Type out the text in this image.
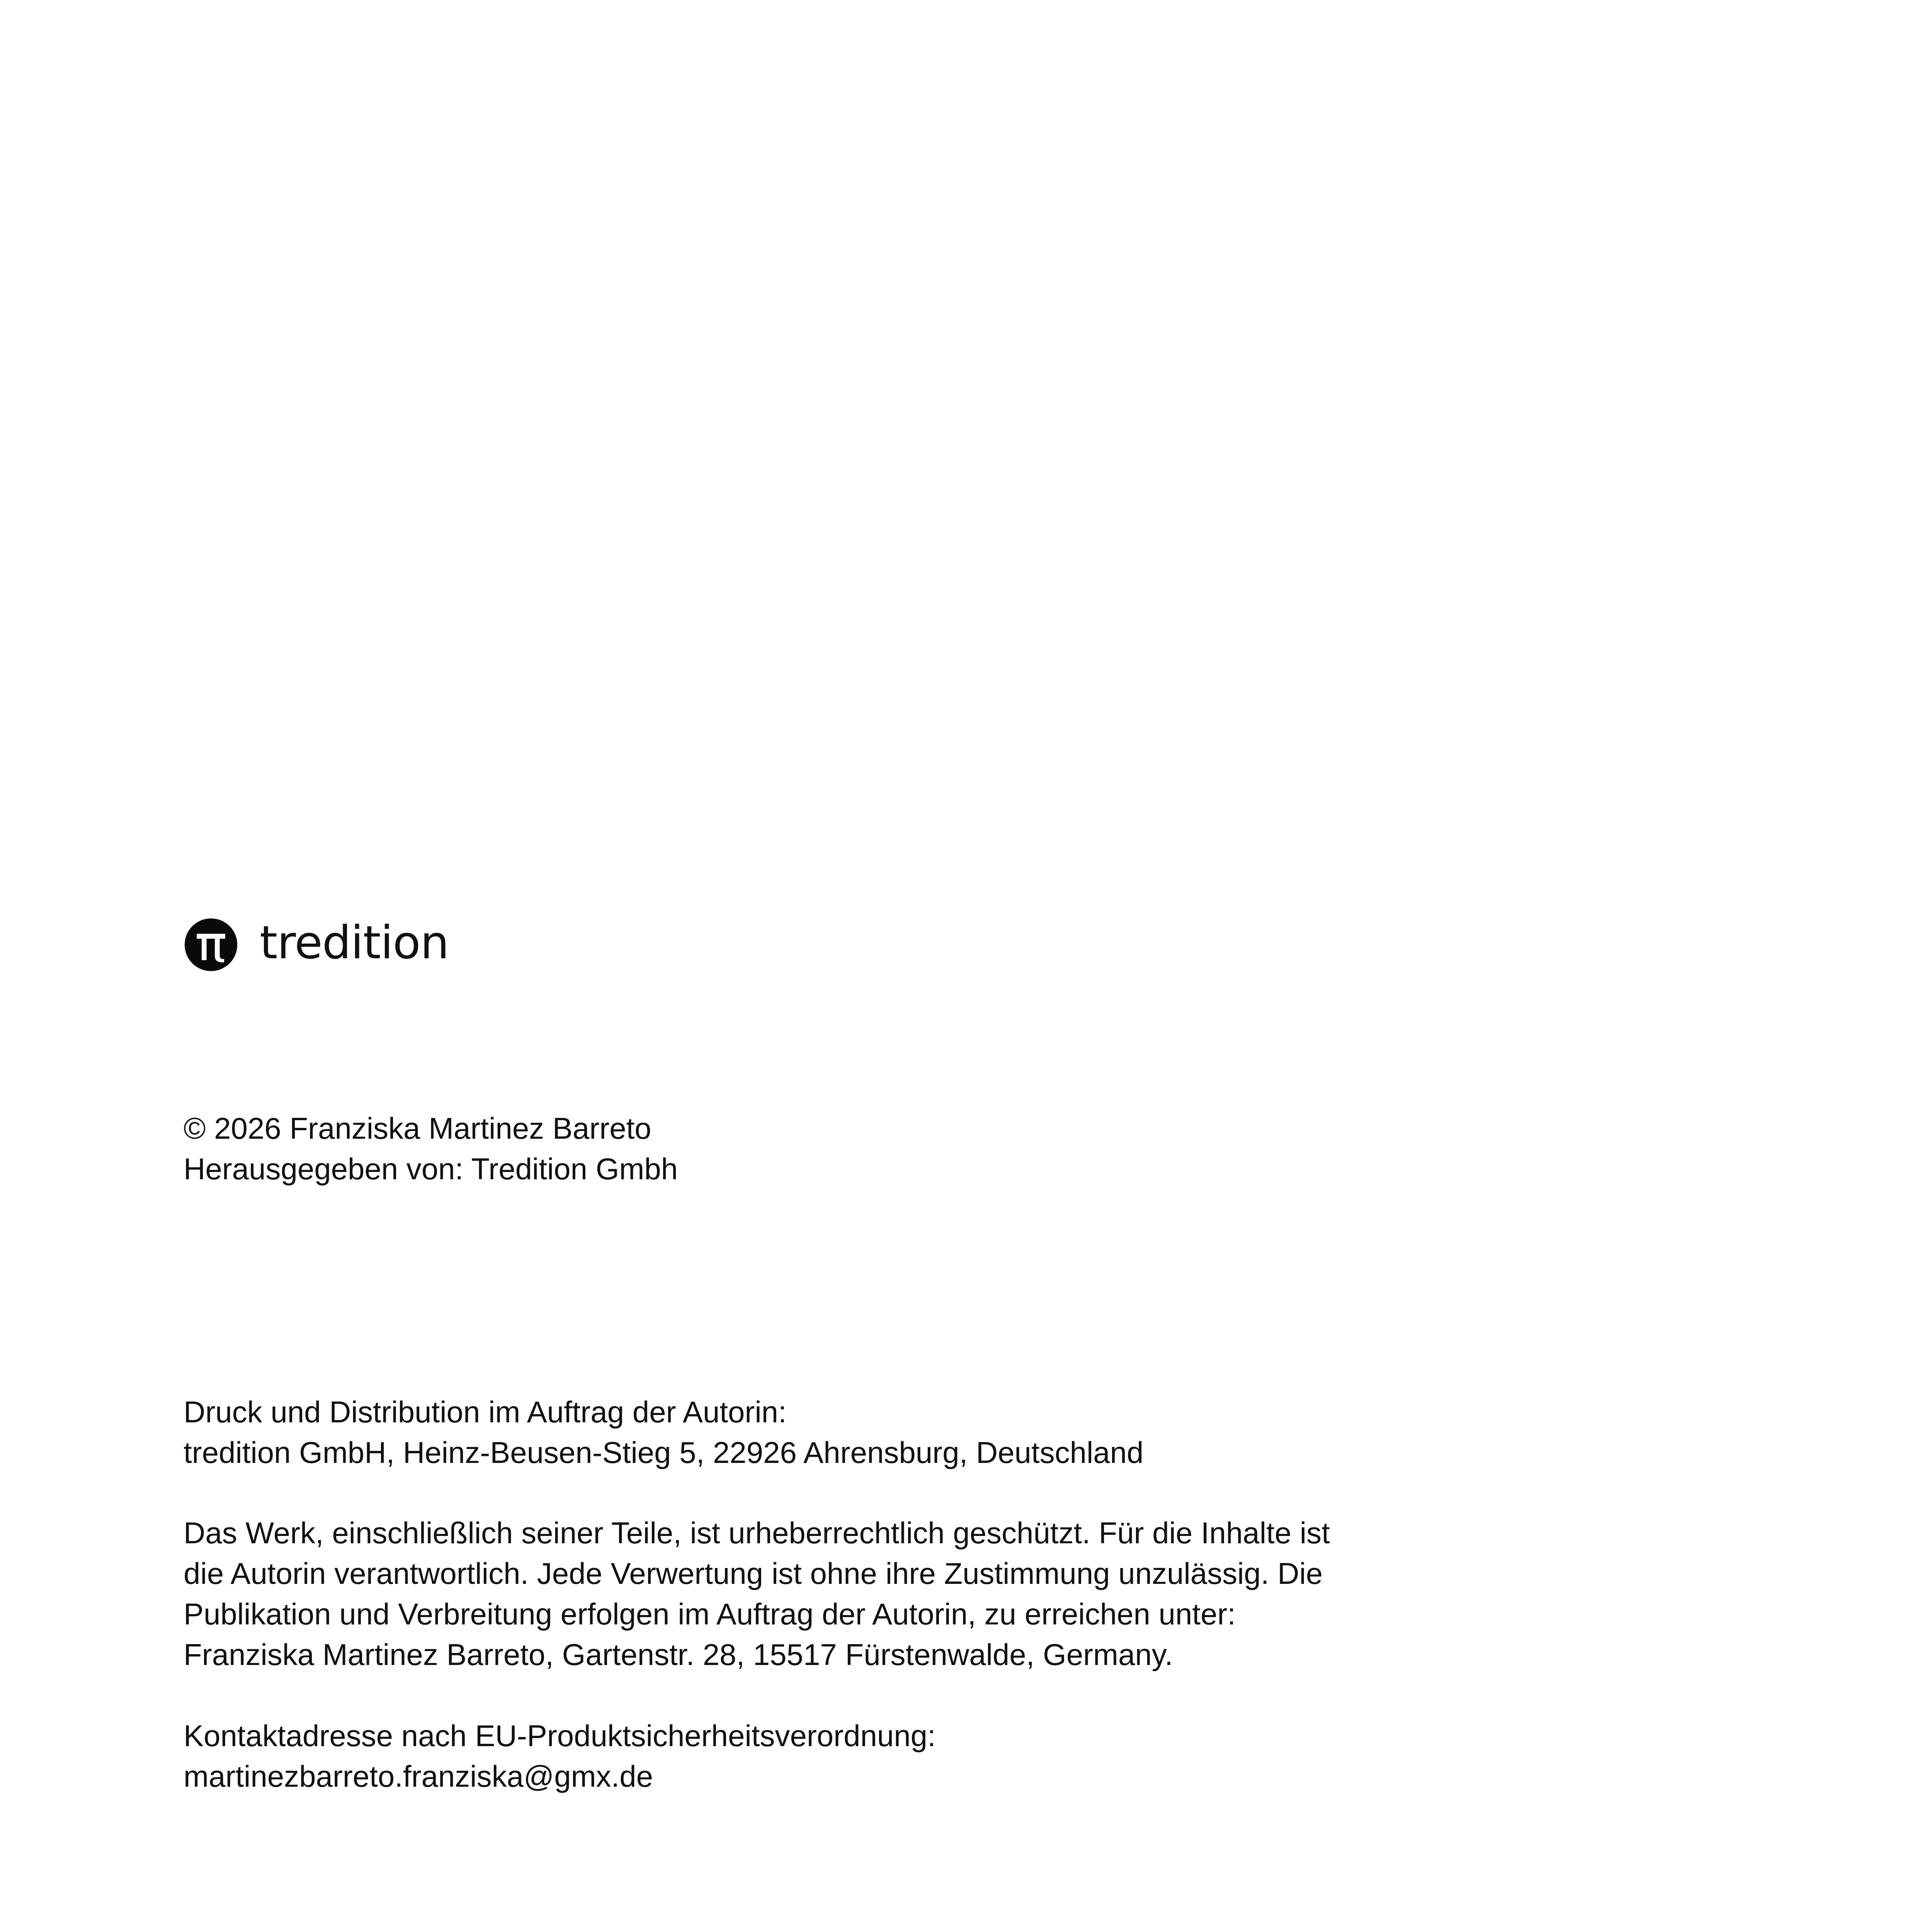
tredition

© 2026 Franziska Martinez Barreto

Herausgegeben von: Tredition Gmbh

Druck und Distribution im Auftrag der Autorin:

tredition GmbH, Heinz-Beusen-Stieg 5, 22926 Ahrensburg, Deutschland

Das Werk, einschließlich seiner Teile, ist urheberrechtlich geschützt. Für die Inhalte ist

die Autorin verantwortlich. Jede Verwertung ist ohne ihre Zustimmung unzulässig. Die

Publikation und Verbreitung erfolgen im Auftrag der Autorin, zu erreichen unter:

Franziska Martinez Barreto, Gartenstr. 28, 15517 Fürstenwalde, Germany.

Kontaktadresse nach EU-Produktsicherheitsverordnung:

martinezbarreto.franziska@gmx.de
